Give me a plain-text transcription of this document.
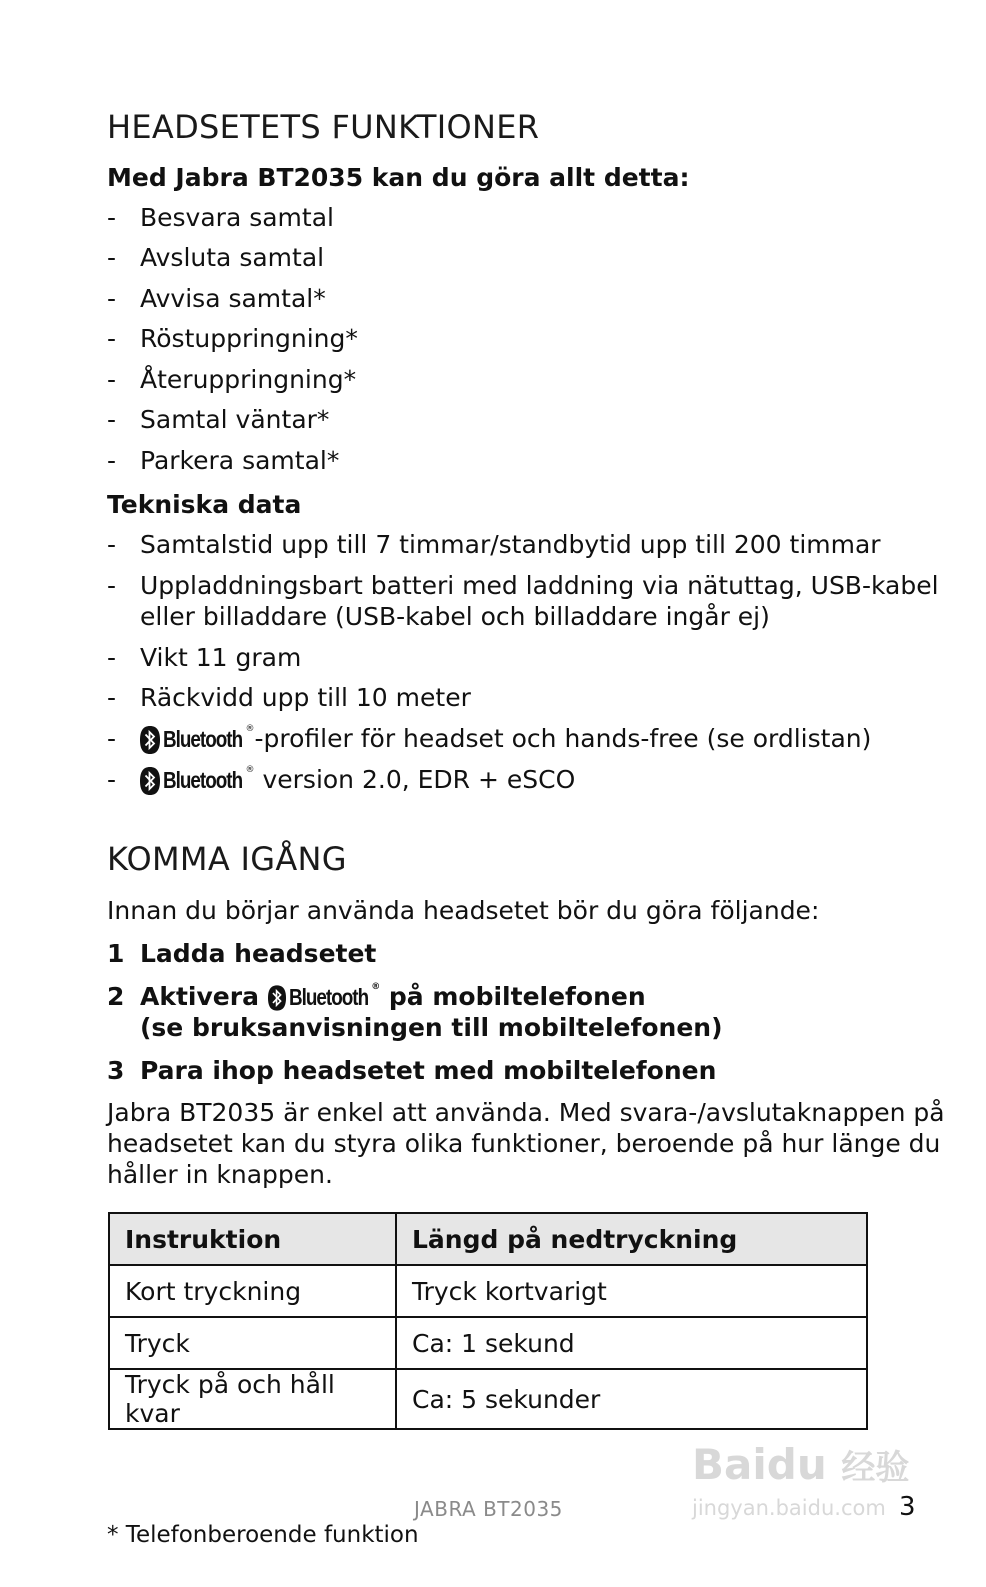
HEADSETETS FUNKTIONER
Med Jabra BT2035 kan du göra allt detta:
- Besvara samtal
- Avsluta samtal
- Avvisa samtal*
- Röstuppringning*
- Återuppringning*
- Samtal väntar*
- Parkera samtal*
Tekniska data
- Samtalstid upp till 7 timmar/standbytid upp till 200 timmar
- Uppladdningsbart batteri med laddning via nätuttag, USB-kabel
eller billaddare (USB-kabel och billaddare ingår ej)
- Vikt 11 gram
- Räckvidd upp till 10 meter
-	Bluetooth ®-profiler för headset och hands-free (se ordlistan)
-	Bluetooth ® version 2.0, EDR + eSCO
KOMMA IGÅNG
Innan du börjar använda headsetet bör du göra följande:
1 Ladda headsetet
2 Aktivera Bluetooth ® på mobiltelefonen
(se bruksanvisningen till mobiltelefonen)
3 Para ihop headsetet med mobiltelefonen
Jabra BT2035 är enkel att använda. Med svara-/avslutaknappen på
headsetet kan du styra olika funktioner, beroende på hur länge du
håller in knappen.
Instruktion	Längd på nedtryckning
Kort tryckning	Tryck kortvarigt
Tryck	Ca: 1 sekund
Tryck på och håll kvar	Ca: 5 sekunder
Baidu 经验
jingyan.baidu.com
JABRA BT2035	3
* Telefonberoende funktion
